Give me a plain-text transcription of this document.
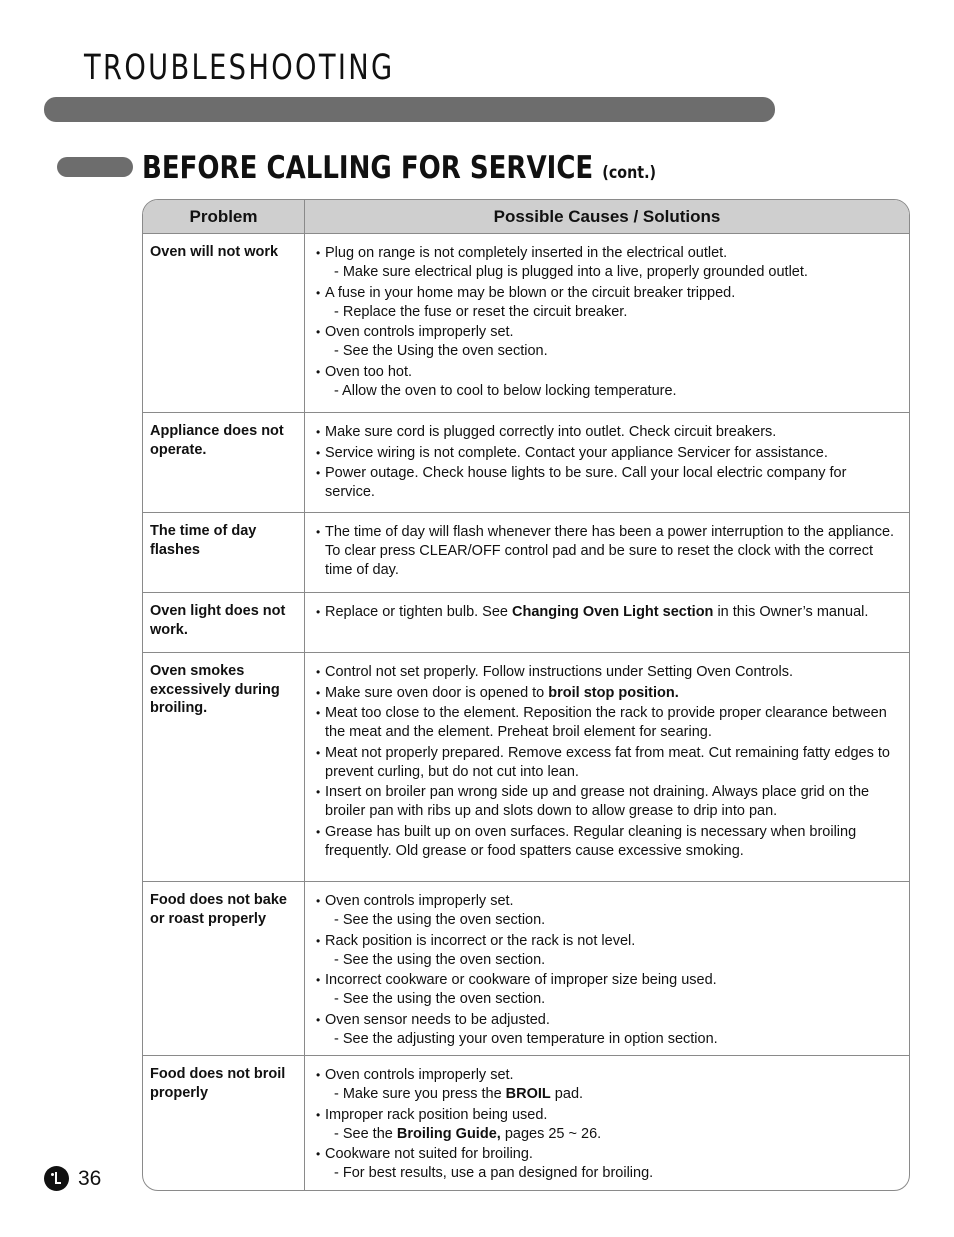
TROUBLESHOOTING
BEFORE CALLING FOR SERVICE (cont.)
Problem	Possible Causes / Solutions
Oven will not work
•	Plug on range is not completely inserted in the electrical outlet.
- Make sure electrical plug is plugged into a live, properly grounded outlet.
• A fuse in your home may be blown or the circuit breaker tripped.
- Replace the fuse or reset the circuit breaker.
• Oven controls improperly set.
- See the Using the oven section.
• Oven too hot.
- Allow the oven to cool to below locking temperature.
Appliance does not operate.
• Make sure cord is plugged correctly into outlet. Check circuit breakers.
• Service wiring is not complete. Contact your appliance Servicer for assistance.
• Power outage. Check house lights to be sure. Call your local electric company for service.
The time of day flashes
• The time of day will flash whenever there has been a power interruption to the appliance. To clear press CLEAR/OFF control pad and be sure to reset the clock with the correct time of day.
Oven light does not work.
• Replace or tighten bulb. See Changing Oven Light section in this Owner’s manual.
Oven smokes excessively during broiling.
• Control not set properly. Follow instructions under Setting Oven Controls.
• Make sure oven door is opened to broil stop position.
• Meat too close to the element. Reposition the rack to provide proper clearance between the meat and the element. Preheat broil element for searing.
• Meat not properly prepared. Remove excess fat from meat. Cut remaining fatty edges to prevent curling, but do not cut into lean.
• Insert on broiler pan wrong side up and grease not draining. Always place grid on the broiler pan with ribs up and slots down to allow grease to drip into pan.
• Grease has built up on oven surfaces. Regular cleaning is necessary when broiling frequently. Old grease or food spatters cause excessive smoking.
Food does not bake or roast properly
• Oven controls improperly set.
- See the using the oven section.
• Rack position is incorrect or the rack is not level.
- See the using the oven section.
• Incorrect cookware or cookware of improper size being used.
- See the using the oven section.
• Oven sensor needs to be adjusted.
- See the adjusting your oven temperature in option section.
Food does not broil properly
• Oven controls improperly set.
- Make sure you press the BROIL pad.
• Improper rack position being used.
- See the Broiling Guide, pages 25 ~ 26.
• Cookware not suited for broiling.
- For best results, use a pan designed for broiling.
36
